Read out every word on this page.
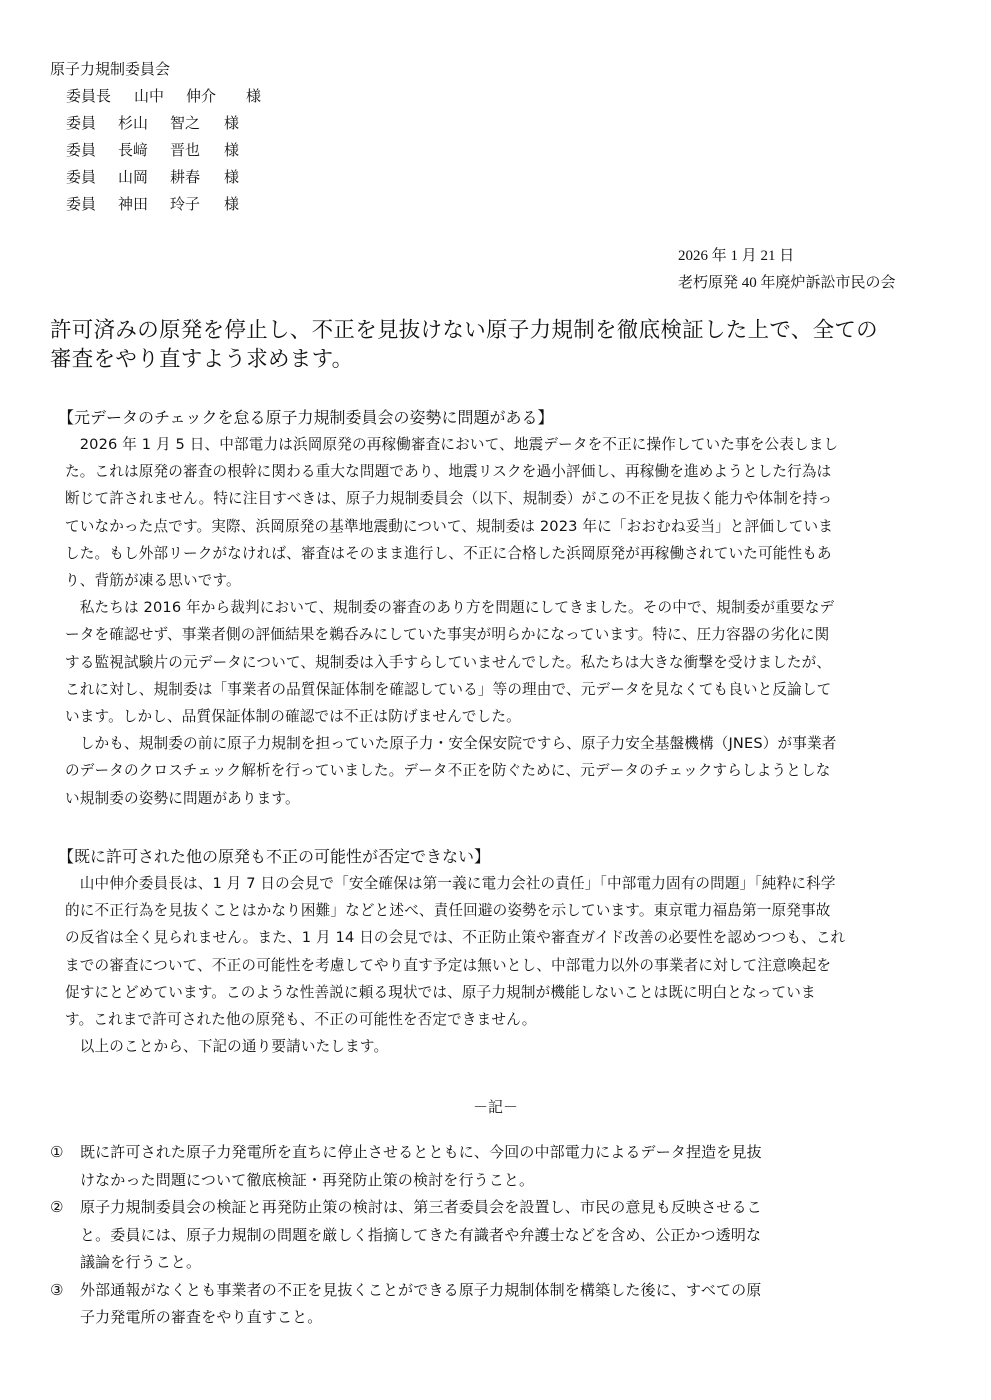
原子力規制委員会
委員長	山中	伸介	様
委員	杉山	智之	様
委員	長﨑	晋也	様
委員	山岡	耕春	様
委員	神田	玲子	様
2026 年 1 月 21 日
老朽原発 40 年廃炉訴訟市民の会
許可済みの原発を停止し、不正を見抜けない原子力規制を徹底検証した上で、全ての
審査をやり直すよう求めます。
【元データのチェックを怠る原子力規制委員会の姿勢に問題がある】
　2026 年 1 月 5 日、中部電力は浜岡原発の再稼働審査において、地震データを不正に操作していた事を公表しまし
た。これは原発の審査の根幹に関わる重大な問題であり、地震リスクを過小評価し、再稼働を進めようとした行為は
断じて許されません。特に注目すべきは、原子力規制委員会（以下、規制委）がこの不正を見抜く能力や体制を持っ
ていなかった点です。実際、浜岡原発の基準地震動について、規制委は 2023 年に「おおむね妥当」と評価していま
した。もし外部リークがなければ、審査はそのまま進行し、不正に合格した浜岡原発が再稼働されていた可能性もあ
り、背筋が凍る思いです。
　私たちは 2016 年から裁判において、規制委の審査のあり方を問題にしてきました。その中で、規制委が重要なデ
ータを確認せず、事業者側の評価結果を鵜呑みにしていた事実が明らかになっています。特に、圧力容器の劣化に関
する監視試験片の元データについて、規制委は入手すらしていませんでした。私たちは大きな衝撃を受けましたが、
これに対し、規制委は「事業者の品質保証体制を確認している」等の理由で、元データを見なくても良いと反論して
います。しかし、品質保証体制の確認では不正は防げませんでした。
　しかも、規制委の前に原子力規制を担っていた原子力・安全保安院ですら、原子力安全基盤機構（JNES）が事業者
のデータのクロスチェック解析を行っていました。データ不正を防ぐために、元データのチェックすらしようとしな
い規制委の姿勢に問題があります。
【既に許可された他の原発も不正の可能性が否定できない】
　山中伸介委員長は、1 月 7 日の会見で「安全確保は第一義に電力会社の責任」「中部電力固有の問題」「純粋に科学
的に不正行為を見抜くことはかなり困難」などと述べ、責任回避の姿勢を示しています。東京電力福島第一原発事故
の反省は全く見られません。また、1 月 14 日の会見では、不正防止策や審査ガイド改善の必要性を認めつつも、これ
までの審査について、不正の可能性を考慮してやり直す予定は無いとし、中部電力以外の事業者に対して注意喚起を
促すにとどめています。このような性善説に頼る現状では、原子力規制が機能しないことは既に明白となっていま
す。これまで許可された他の原発も、不正の可能性を否定できません。
　以上のことから、下記の通り要請いたします。
－記－
①	既に許可された原子力発電所を直ちに停止させるとともに、今回の中部電力によるデータ捏造を見抜
けなかった問題について徹底検証・再発防止策の検討を行うこと。
②	原子力規制委員会の検証と再発防止策の検討は、第三者委員会を設置し、市民の意見も反映させるこ
と。委員には、原子力規制の問題を厳しく指摘してきた有識者や弁護士などを含め、公正かつ透明な
議論を行うこと。
③	外部通報がなくとも事業者の不正を見抜くことができる原子力規制体制を構築した後に、すべての原
子力発電所の審査をやり直すこと。
